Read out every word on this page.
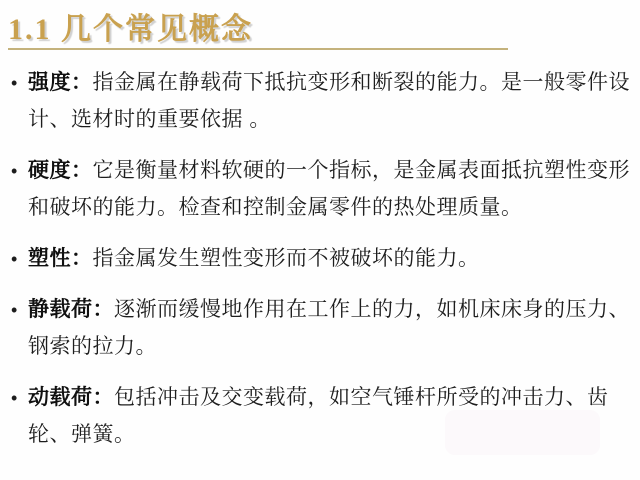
1.1 几个常见概念
• 强度：指金属在静载荷下抵抗变形和断裂的能力。是一般零件设计、选材时的重要依据 。
• 硬度：它是衡量材料软硬的一个指标，是金属表面抵抗塑性变形和破坏的能力。检查和控制金属零件的热处理质量。
• 塑性：指金属发生塑性变形而不被破坏的能力。
• 静载荷：逐渐而缓慢地作用在工作上的力，如机床床身的压力、钢索的拉力。
• 动载荷：包括冲击及交变载荷，如空气锤杆所受的冲击力、齿轮、弹簧。
